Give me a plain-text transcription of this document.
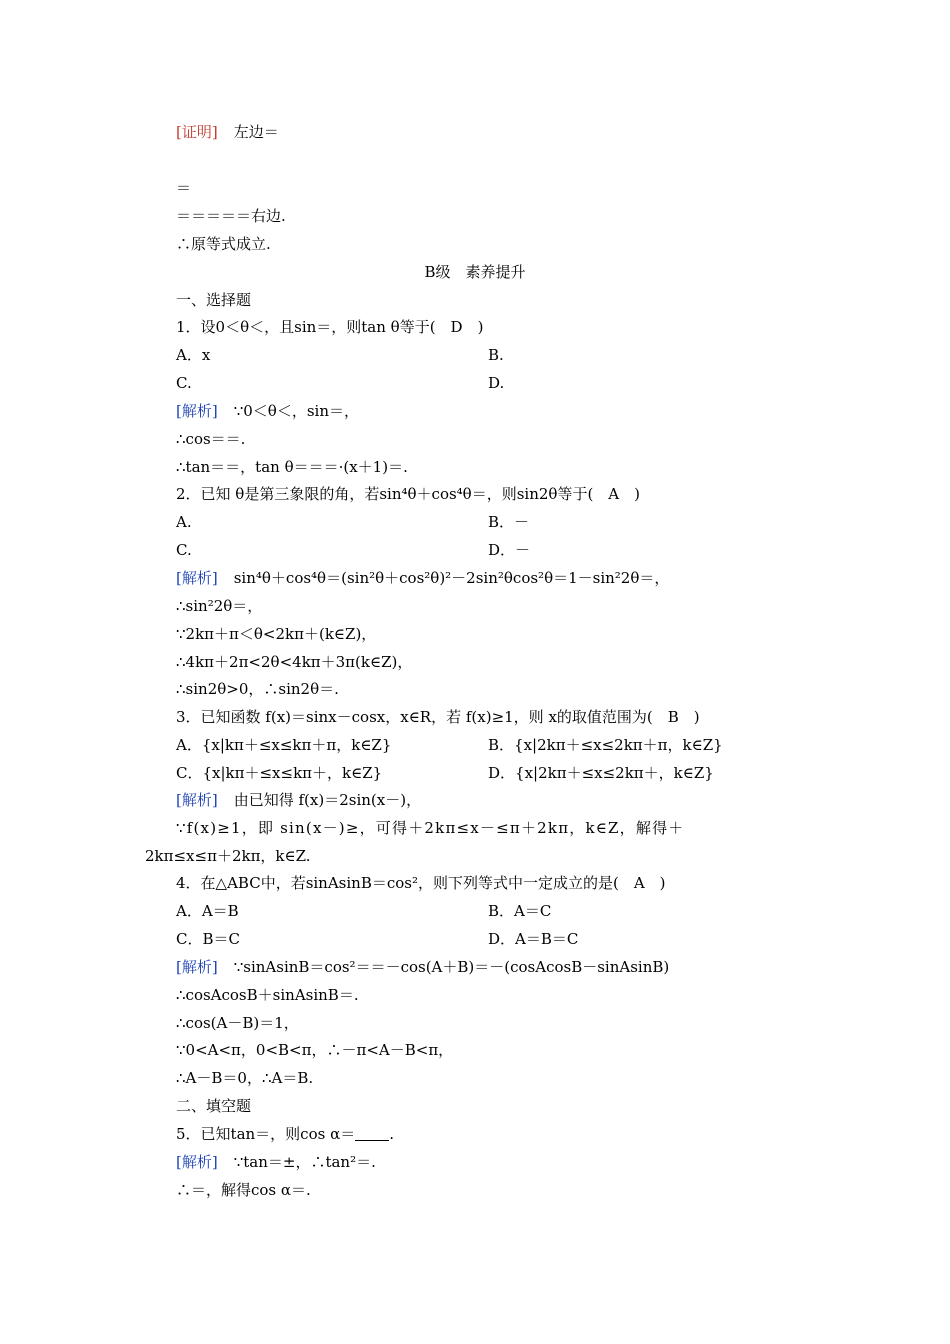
[证明] 左边＝
＝
＝＝＝＝＝右边.
∴原等式成立.
B级　素养提升
一、选择题
1．设0＜θ＜，且sin＝，则tan θ等于(　D　)
A．x	B.
C.	D.
[解析] ∵0＜θ＜，sin＝，
∴cos＝＝.
∴tan＝＝，tan θ＝＝＝·(x＋1)＝.
2．已知 θ是第三象限的角，若sin⁴θ＋cos⁴θ＝，则sin2θ等于(　A　)
A.	B．－
C.	D．－
[解析] sin⁴θ＋cos⁴θ＝(sin²θ＋cos²θ)²－2sin²θcos²θ＝1－sin²2θ＝，
∴sin²2θ＝，
∵2kπ＋π＜θ<2kπ＋(k∈Z)，
∴4kπ＋2π<2θ<4kπ＋3π(k∈Z)，
∴sin2θ>0，∴sin2θ＝.
3．已知函数 f(x)＝sinx－cosx，x∈R，若 f(x)≥1，则 x的取值范围为(　B　)
A．{x|kπ＋≤x≤kπ＋π，k∈Z}	B．{x|2kπ＋≤x≤2kπ＋π，k∈Z}
C．{x|kπ＋≤x≤kπ＋，k∈Z}	D．{x|2kπ＋≤x≤2kπ＋，k∈Z}
[解析] 由已知得 f(x)＝2sin(x－)，
∵f(x)≥1，即 sin(x－)≥，可得＋2kπ≤x－≤π＋2kπ，k∈Z，解得＋
2kπ≤x≤π＋2kπ，k∈Z.
4．在△ABC中，若sinAsinB＝cos²，则下列等式中一定成立的是(　A　)
A．A＝B	B．A＝C
C．B＝C	D．A＝B＝C
[解析] ∵sinAsinB＝cos²＝＝－cos(A＋B)＝－(cosAcosB－sinAsinB)
∴cosAcosB＋sinAsinB＝.
∴cos(A－B)＝1，
∵0<A<π，0<B<π，∴－π<A－B<π，
∴A－B＝0，∴A＝B.
二、填空题
5．已知tan＝，则cos α＝ .
[解析] ∵tan＝±，∴tan²＝.
∴＝，解得cos α＝.
